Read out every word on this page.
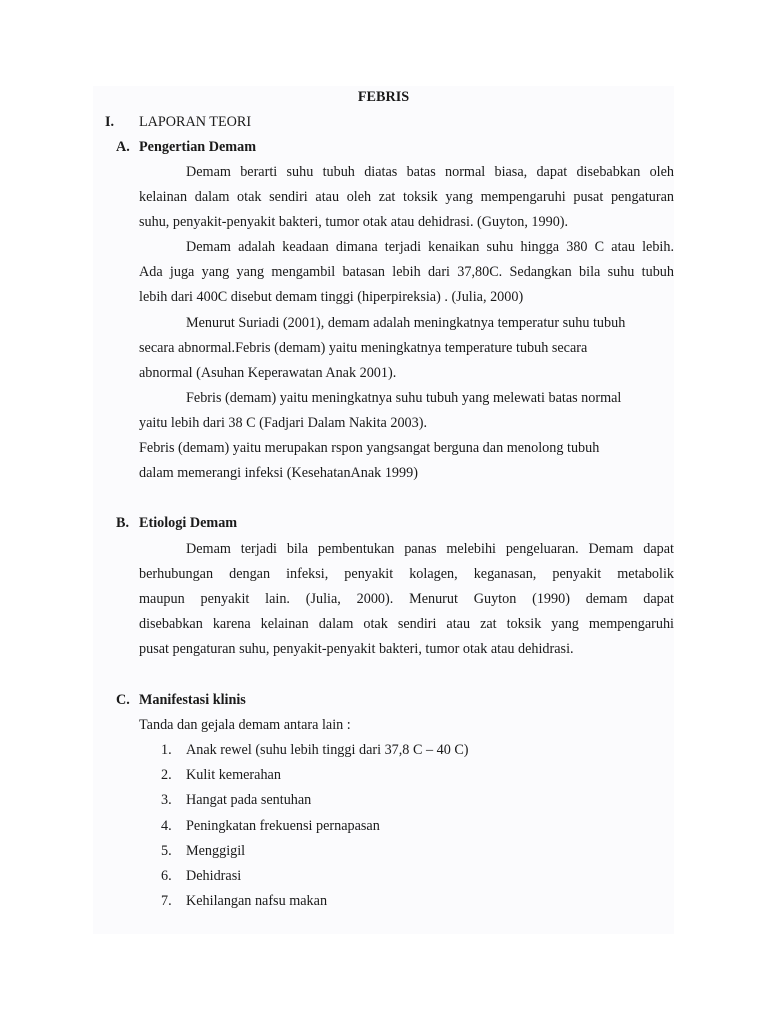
FEBRIS
I. LAPORAN TEORI
A. Pengertian Demam
Demam berarti suhu tubuh diatas batas normal biasa, dapat disebabkan oleh
kelainan dalam otak sendiri atau oleh zat toksik yang mempengaruhi pusat pengaturan
suhu, penyakit-penyakit bakteri, tumor otak atau dehidrasi. (Guyton, 1990).
Demam adalah keadaan dimana terjadi kenaikan suhu hingga 380 C atau lebih.
Ada juga yang yang mengambil batasan lebih dari 37,80C. Sedangkan bila suhu tubuh
lebih dari 400C disebut demam tinggi (hiperpireksia) . (Julia, 2000)
Menurut Suriadi (2001), demam adalah meningkatnya temperatur suhu tubuh
secara abnormal.Febris (demam) yaitu meningkatnya temperature tubuh secara
abnormal (Asuhan Keperawatan Anak 2001).
Febris (demam) yaitu meningkatnya suhu tubuh yang melewati batas normal
yaitu lebih dari 38 C (Fadjari Dalam Nakita 2003).
Febris (demam) yaitu merupakan rspon yangsangat berguna dan menolong tubuh
dalam memerangi infeksi (KesehatanAnak 1999)
B. Etiologi Demam
Demam terjadi bila pembentukan panas melebihi pengeluaran. Demam dapat
berhubungan dengan infeksi, penyakit kolagen, keganasan, penyakit metabolik
maupun penyakit lain. (Julia, 2000). Menurut Guyton (1990) demam dapat
disebabkan karena kelainan dalam otak sendiri atau zat toksik yang mempengaruhi
pusat pengaturan suhu, penyakit-penyakit bakteri, tumor otak atau dehidrasi.
C. Manifestasi klinis
Tanda dan gejala demam antara lain :
1. Anak rewel (suhu lebih tinggi dari 37,8 C – 40 C)
2. Kulit kemerahan
3. Hangat pada sentuhan
4. Peningkatan frekuensi pernapasan
5. Menggigil
6. Dehidrasi
7. Kehilangan nafsu makan
